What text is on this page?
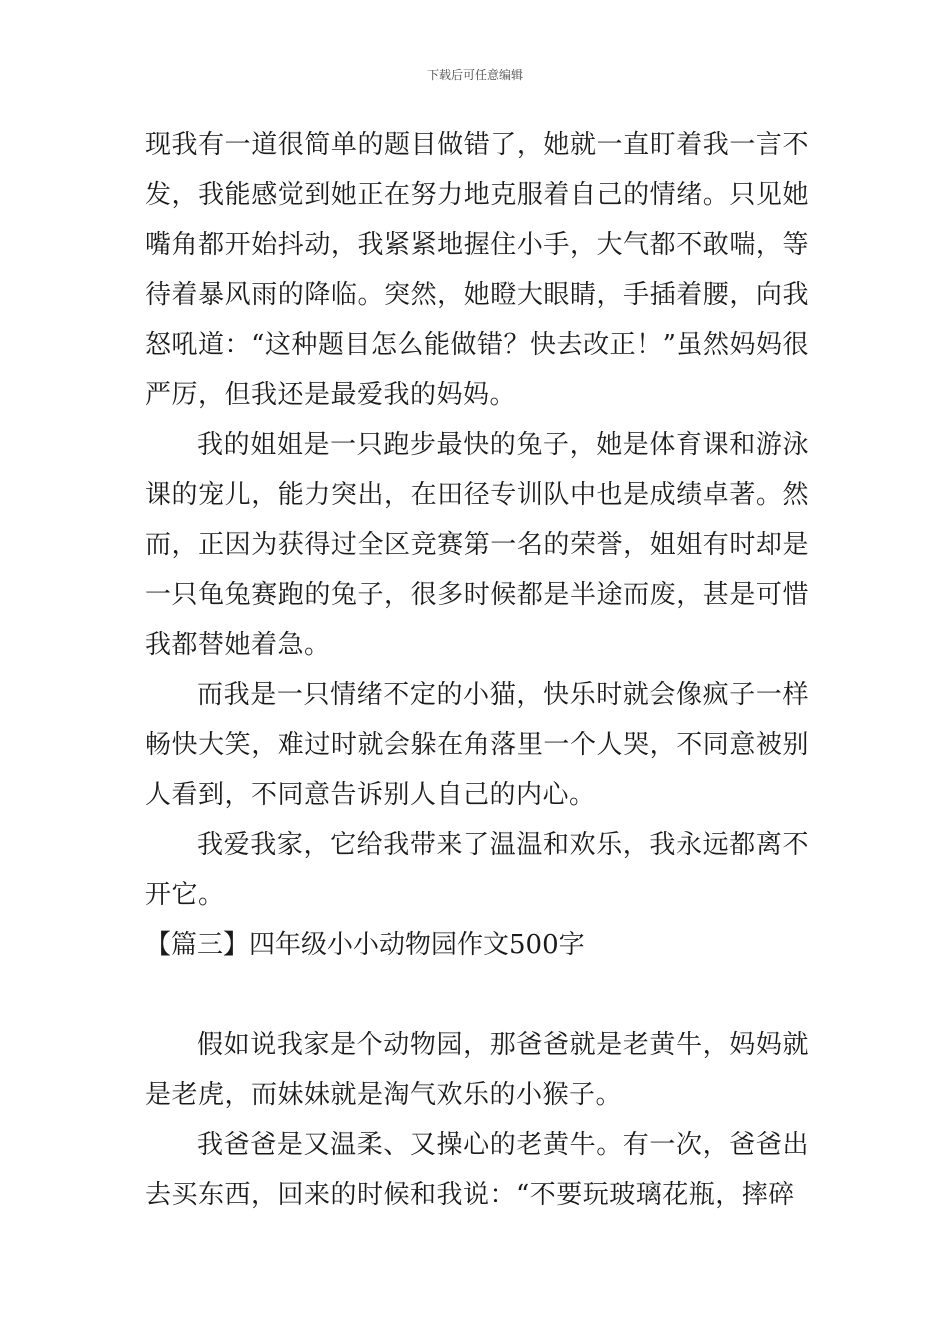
下载后可任意编辑

现我有一道很简单的题目做错了，她就一直盯着我一言不发，我能感觉到她正在努力地克服着自己的情绪。只见她嘴角都开始抖动，我紧紧地握住小手，大气都不敢喘，等待着暴风雨的降临。突然，她瞪大眼睛，手插着腰，向我怒吼道：“这种题目怎么能做错？快去改正！”虽然妈妈很严厉，但我还是最爱我的妈妈。

我的姐姐是一只跑步最快的兔子，她是体育课和游泳课的宠儿，能力突出，在田径专训队中也是成绩卓著。然而，正因为获得过全区竞赛第一名的荣誉，姐姐有时却是一只龟兔赛跑的兔子，很多时候都是半途而废，甚是可惜我都替她着急。

而我是一只情绪不定的小猫，快乐时就会像疯子一样畅快大笑，难过时就会躲在角落里一个人哭，不同意被别人看到，不同意告诉别人自己的内心。

我爱我家，它给我带来了温温和欢乐，我永远都离不开它。

【篇三】四年级小小动物园作文500字

假如说我家是个动物园，那爸爸就是老黄牛，妈妈就是老虎，而妹妹就是淘气欢乐的小猴子。

我爸爸是又温柔、又操心的老黄牛。有一次，爸爸出去买东西，回来的时候和我说：“不要玩玻璃花瓶，摔碎
